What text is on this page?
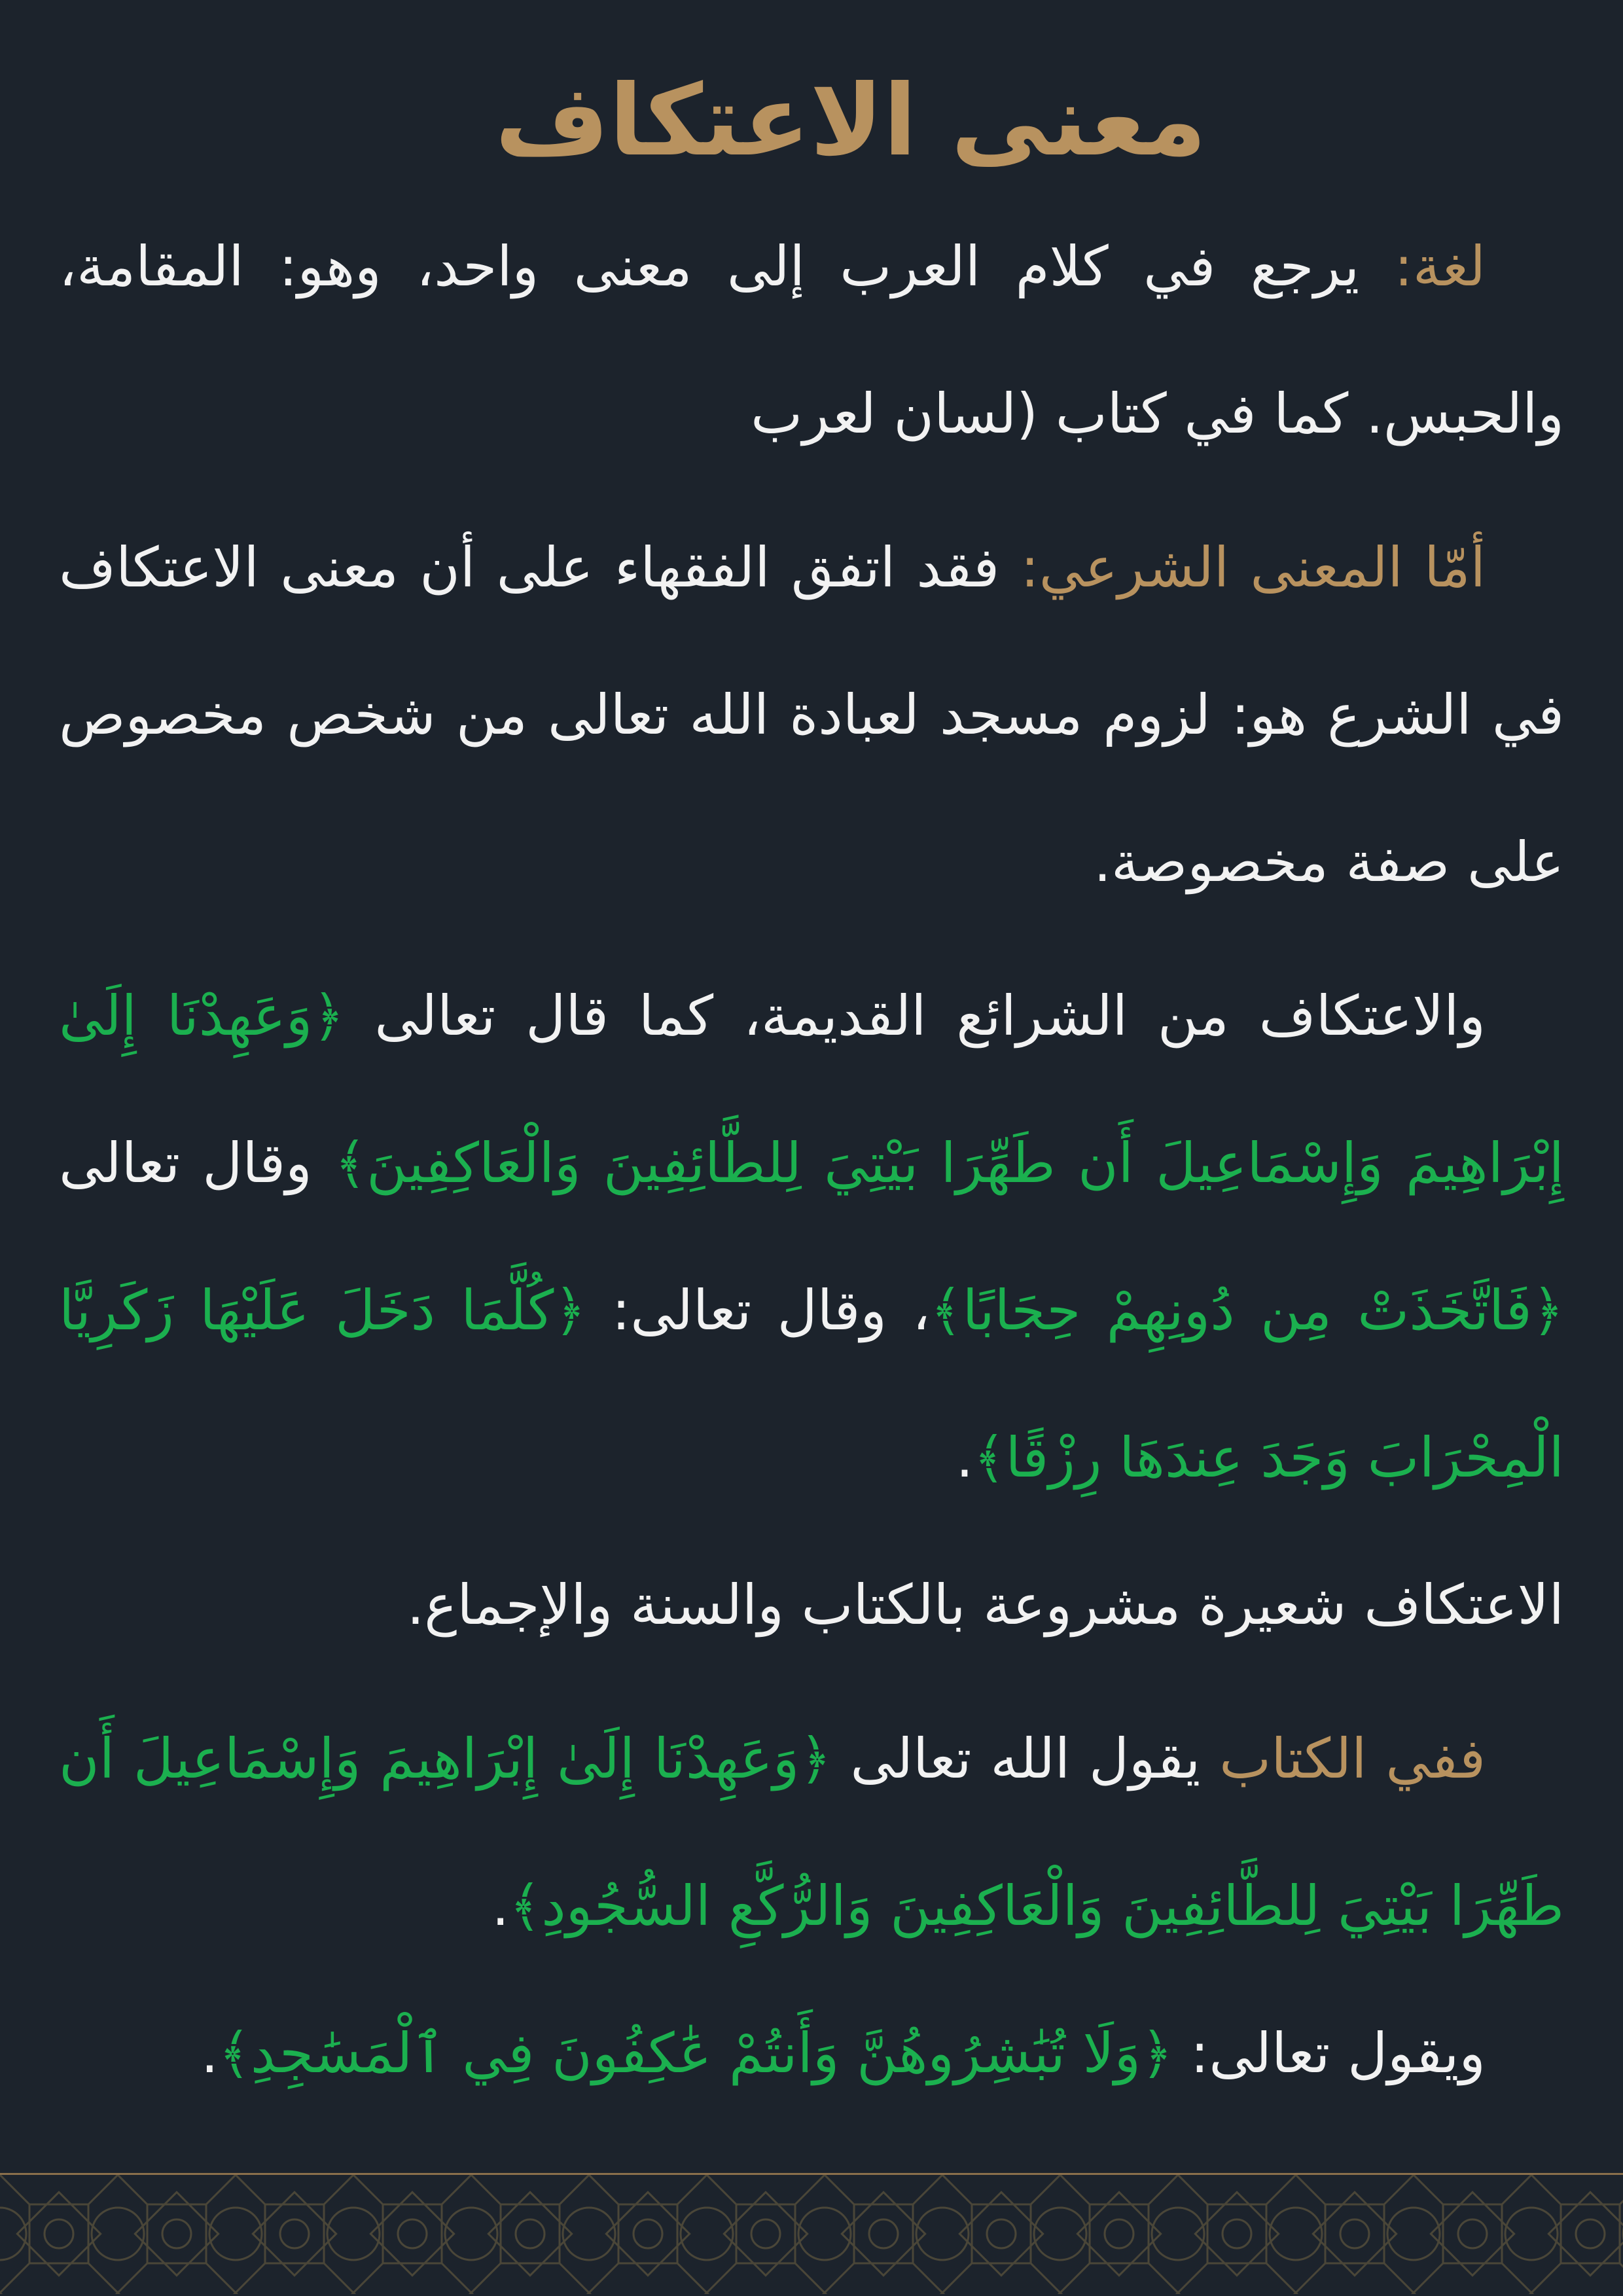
معنى الاعتكاف

لغة: يرجع في كلام العرب إلى معنى واحد، وهو: المقامة، والحبس. كما في كتاب (لسان لعرب

أمّا المعنى الشرعي: فقد اتفق الفقهاء على أن معنى الاعتكاف في الشرع هو: لزوم مسجد لعبادة الله تعالى من شخص مخصوص على صفة مخصوصة.

والاعتكاف من الشرائع القديمة، كما قال تعالى ﴿وَعَهِدْنَا إِلَىٰ إِبْرَاهِيمَ وَإِسْمَاعِيلَ أَن طَهِّرَا بَيْتِيَ لِلطَّائِفِينَ وَالْعَاكِفِينَ﴾ وقال تعالى ﴿فَاتَّخَذَتْ مِن دُونِهِمْ حِجَابًا﴾، وقال تعالى: ﴿كُلَّمَا دَخَلَ عَلَيْهَا زَكَرِيَّا الْمِحْرَابَ وَجَدَ عِندَهَا رِزْقًا﴾.

الاعتكاف شعيرة مشروعة بالكتاب والسنة والإجماع.

ففي الكتاب يقول الله تعالى ﴿وَعَهِدْنَا إِلَىٰ إِبْرَاهِيمَ وَإِسْمَاعِيلَ أَن طَهِّرَا بَيْتِيَ لِلطَّائِفِينَ وَالْعَاكِفِينَ وَالرُّكَّعِ السُّجُودِ﴾.

ويقول تعالى: ﴿وَلَا تُبَٰشِرُوهُنَّ وَأَنتُمْ عَٰكِفُونَ فِي ٱلْمَسَٰجِدِ﴾.
